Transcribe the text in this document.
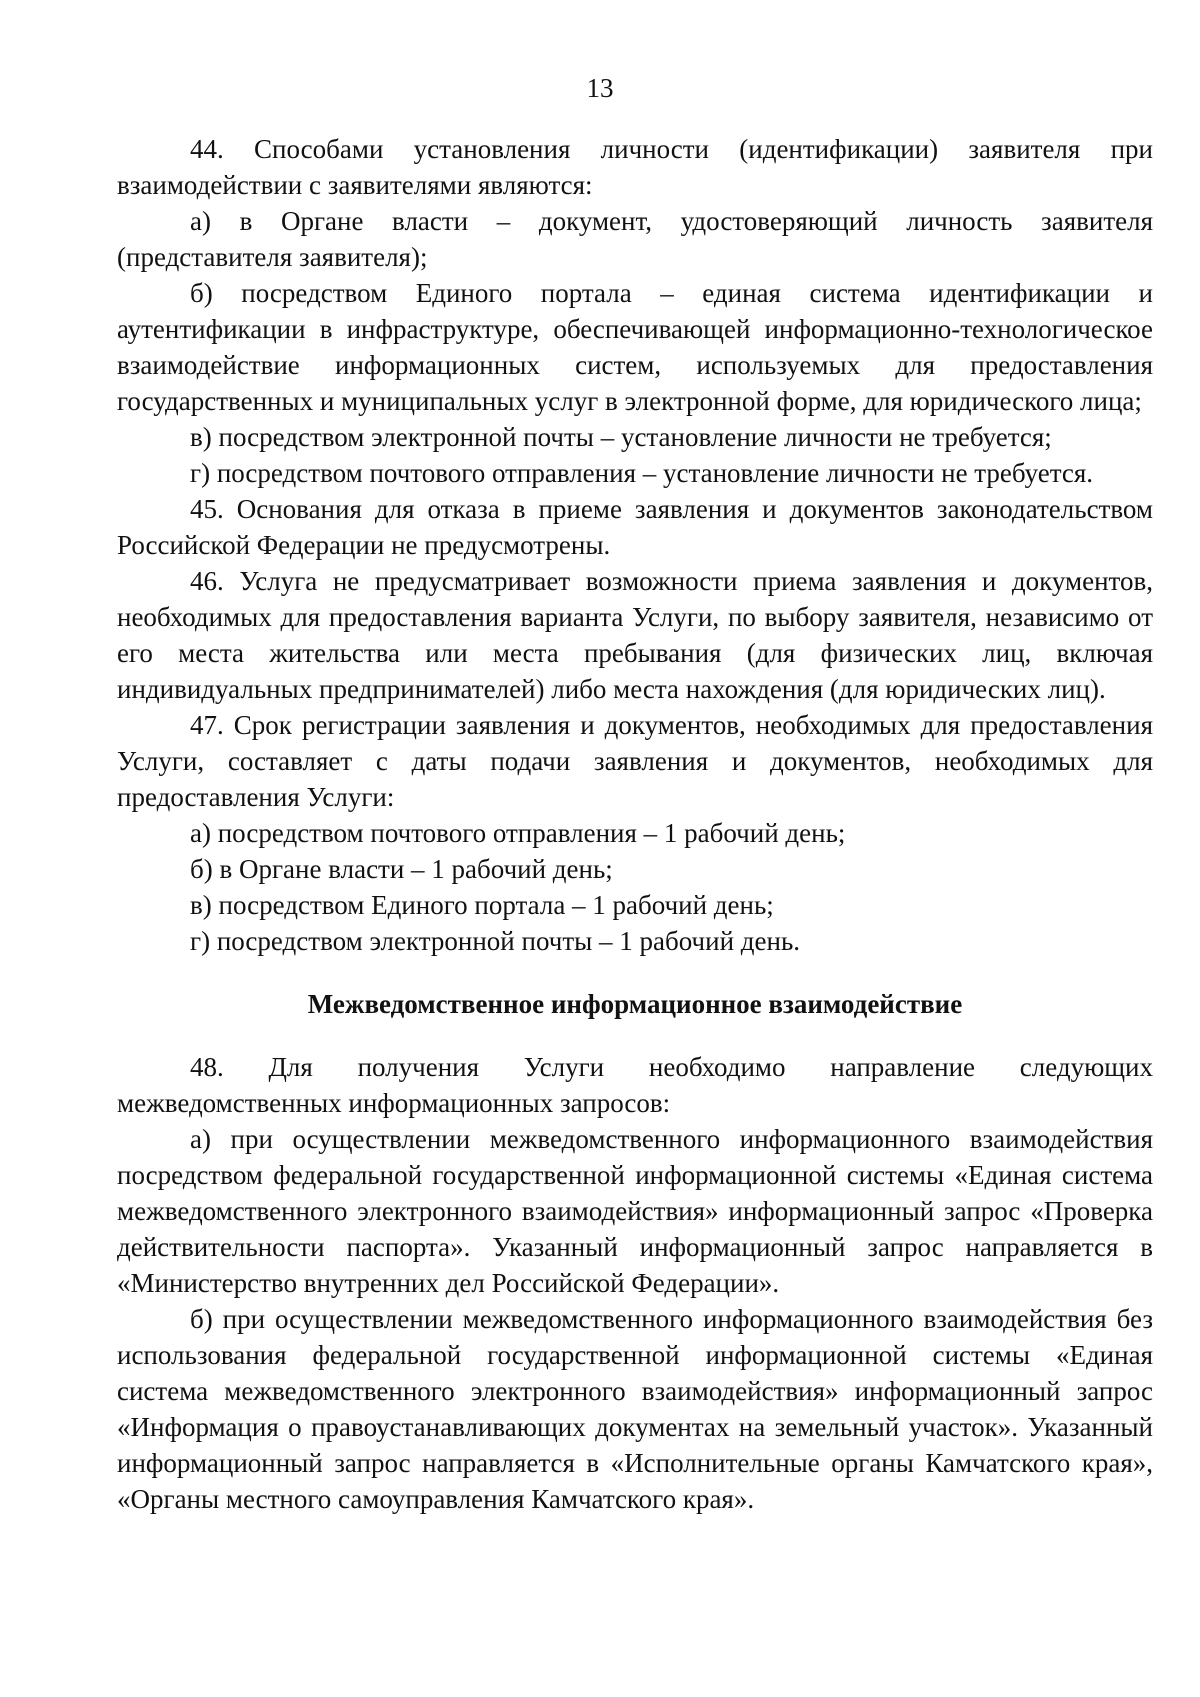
13

44. Способами установления личности (идентификации) заявителя при взаимодействии с заявителями являются:

а) в Органе власти – документ, удостоверяющий личность заявителя (представителя заявителя);

б) посредством Единого портала – единая система идентификации и аутентификации в инфраструктуре, обеспечивающей информационно-технологическое взаимодействие информационных систем, используемых для предоставления государственных и муниципальных услуг в электронной форме, для юридического лица;

в) посредством электронной почты – установление личности не требуется;

г) посредством почтового отправления – установление личности не требуется.

45. Основания для отказа в приеме заявления и документов законодательством Российской Федерации не предусмотрены.

46. Услуга не предусматривает возможности приема заявления и документов, необходимых для предоставления варианта Услуги, по выбору заявителя, независимо от его места жительства или места пребывания (для физических лиц, включая индивидуальных предпринимателей) либо места нахождения (для юридических лиц).

47. Срок регистрации заявления и документов, необходимых для предоставления Услуги, составляет с даты подачи заявления и документов, необходимых для предоставления Услуги:

а) посредством почтового отправления – 1 рабочий день;

б) в Органе власти – 1 рабочий день;

в) посредством Единого портала – 1 рабочий день;

г) посредством электронной почты – 1 рабочий день.

Межведомственное информационное взаимодействие

48. Для получения Услуги необходимо направление следующих межведомственных информационных запросов:

а) при осуществлении межведомственного информационного взаимодействия посредством федеральной государственной информационной системы «Единая система межведомственного электронного взаимодействия» информационный запрос «Проверка действительности паспорта». Указанный информационный запрос направляется в «Министерство внутренних дел Российской Федерации».

б) при осуществлении межведомственного информационного взаимодействия без использования федеральной государственной информационной системы «Единая система межведомственного электронного взаимодействия» информационный запрос «Информация о правоустанавливающих документах на земельный участок». Указанный информационный запрос направляется в «Исполнительные органы Камчатского края», «Органы местного самоуправления Камчатского края».
